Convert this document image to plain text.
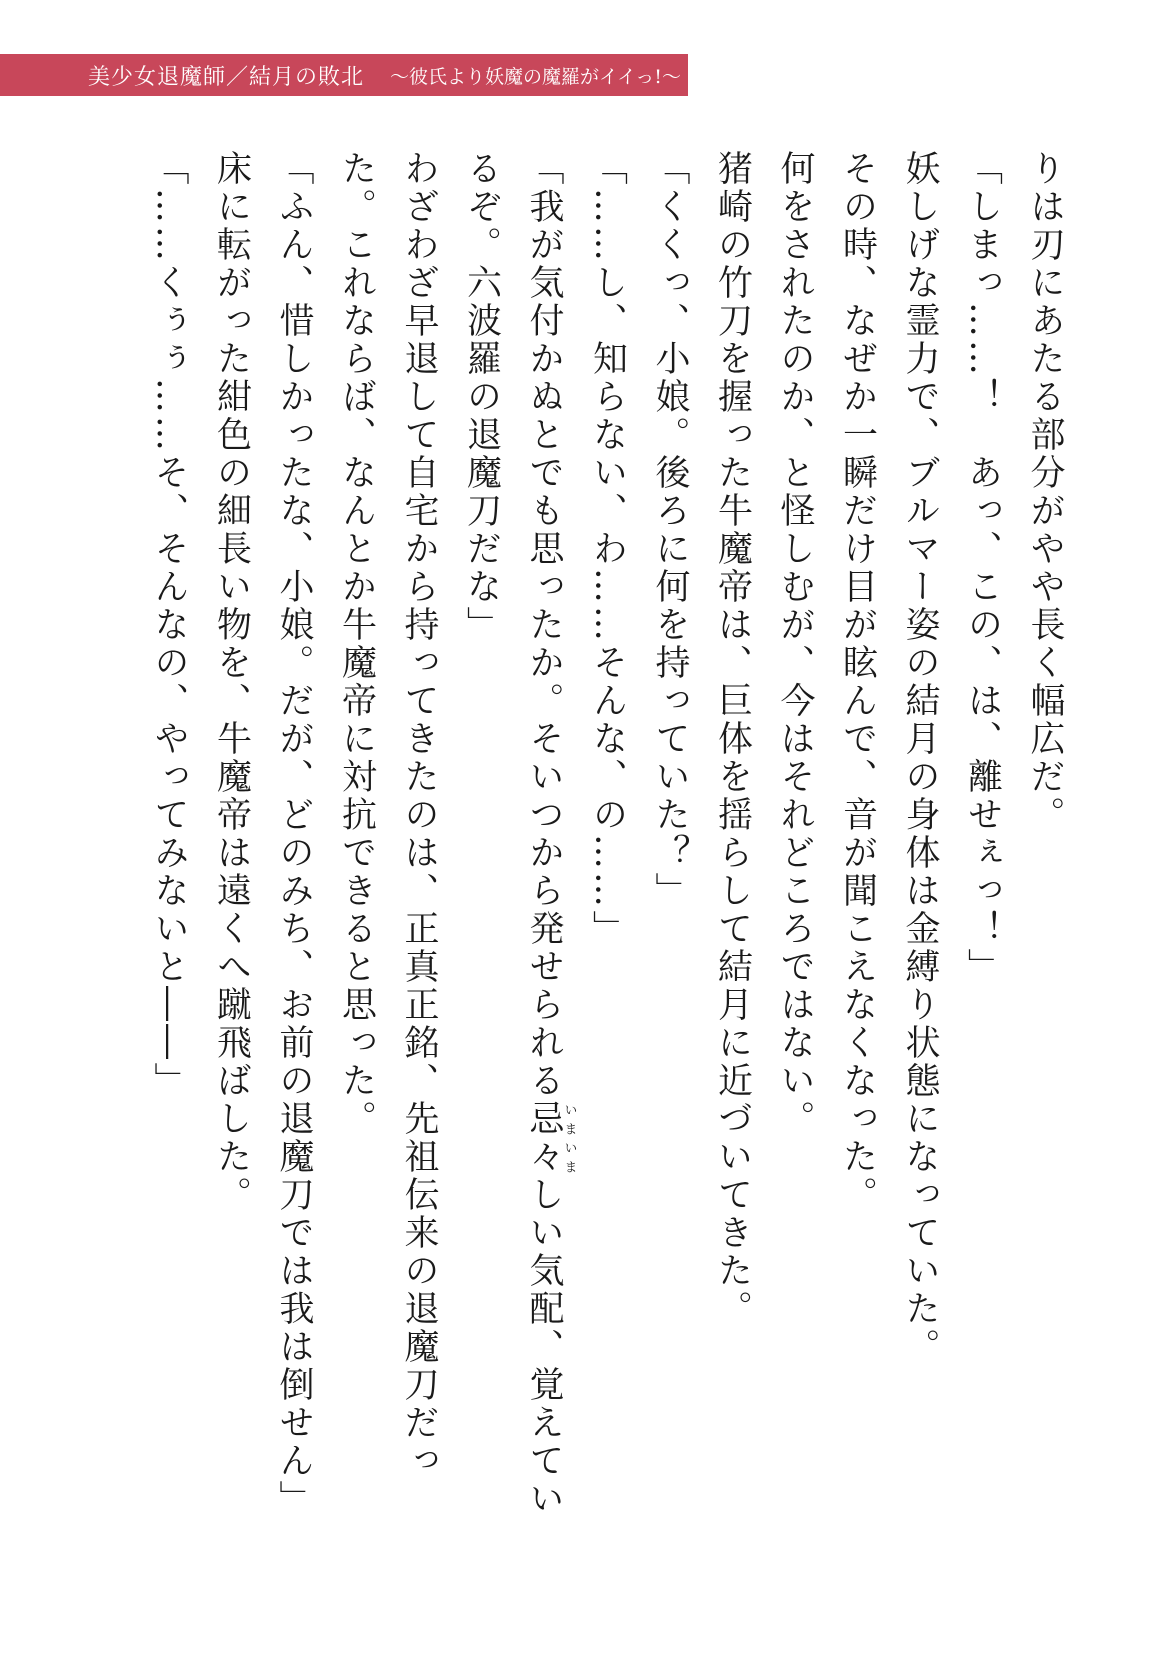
美少女退魔師／結月の敗北 〜彼氏より妖魔の魔羅がイイっ!〜

りは刃にあたる部分がやや長く幅広だ。

「しまっ……！　あっ、この、は、離せぇっ！」

妖しげな霊力で、ブルマー姿の結月の身体は金縛り状態になっていた。

その時、なぜか一瞬だけ目が眩んで、音が聞こえなくなった。

何をされたのか、と怪しむが、今はそれどころではない。

猪崎の竹刀を握った牛魔帝は、巨体を揺らして結月に近づいてきた。

「くくっ、小娘。後ろに何を持っていた？」

「……し、知らない、わ……そんな、の……」

「我が気付かぬとでも思ったか。そいつから発せられる忌々いまいましい気配、覚えてい

るぞ。六波羅の退魔刀だな」

わざわざ早退して自宅から持ってきたのは、正真正銘、先祖伝来の退魔刀だっ

た。これならば、なんとか牛魔帝に対抗できると思った。

「ふん、惜しかったな、小娘。だが、どのみち、お前の退魔刀では我は倒せん」

床に転がった紺色の細長い物を、牛魔帝は遠くへ蹴飛ばした。

「……くぅぅ……そ、そんなの、やってみないと――」
